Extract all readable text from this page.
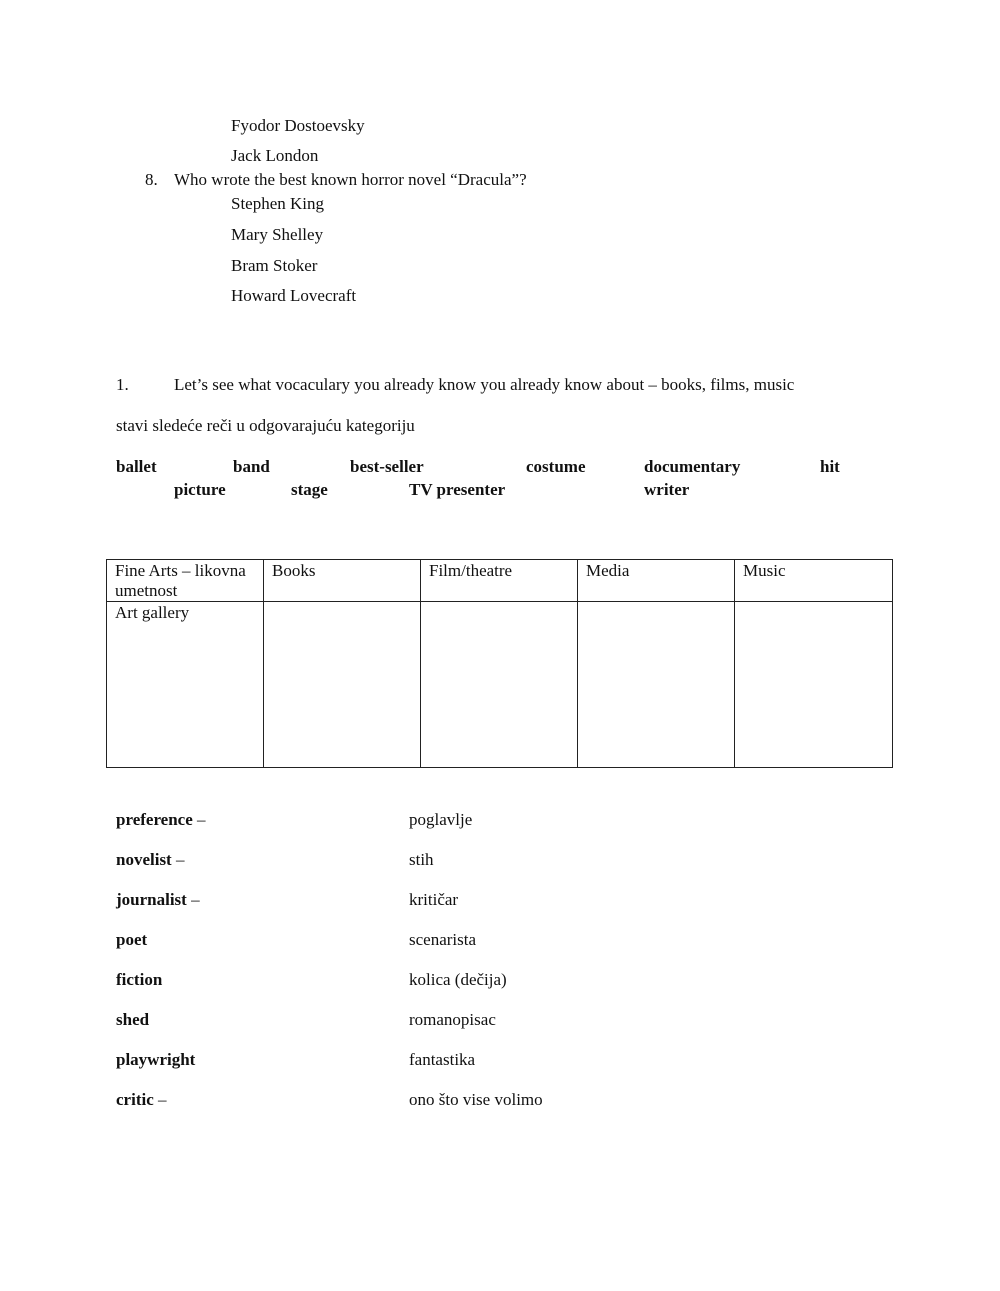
Fyodor Dostoevsky
Jack London
8. Who wrote the best known horror novel “Dracula”?
Stephen King
Mary Shelley
Bram Stoker
Howard Lovecraft
1.	Let’s see what vocaculary you already know you already know about – books, films, music
stavi sledeće reči u odgovarajuću kategoriju
ballet	band	best-seller	costume	documentary	hit
picture	stage	TV presenter	writer
Fine Arts – likovna umetnost	Books	Film/theatre	Media	Music
Art gallery				
preference –	poglavlje
novelist –	stih
journalist –	kritičar
poet	scenarista
fiction	kolica (dečija)
shed	romanopisac
playwright	fantastika
critic –	ono što vise volimo
